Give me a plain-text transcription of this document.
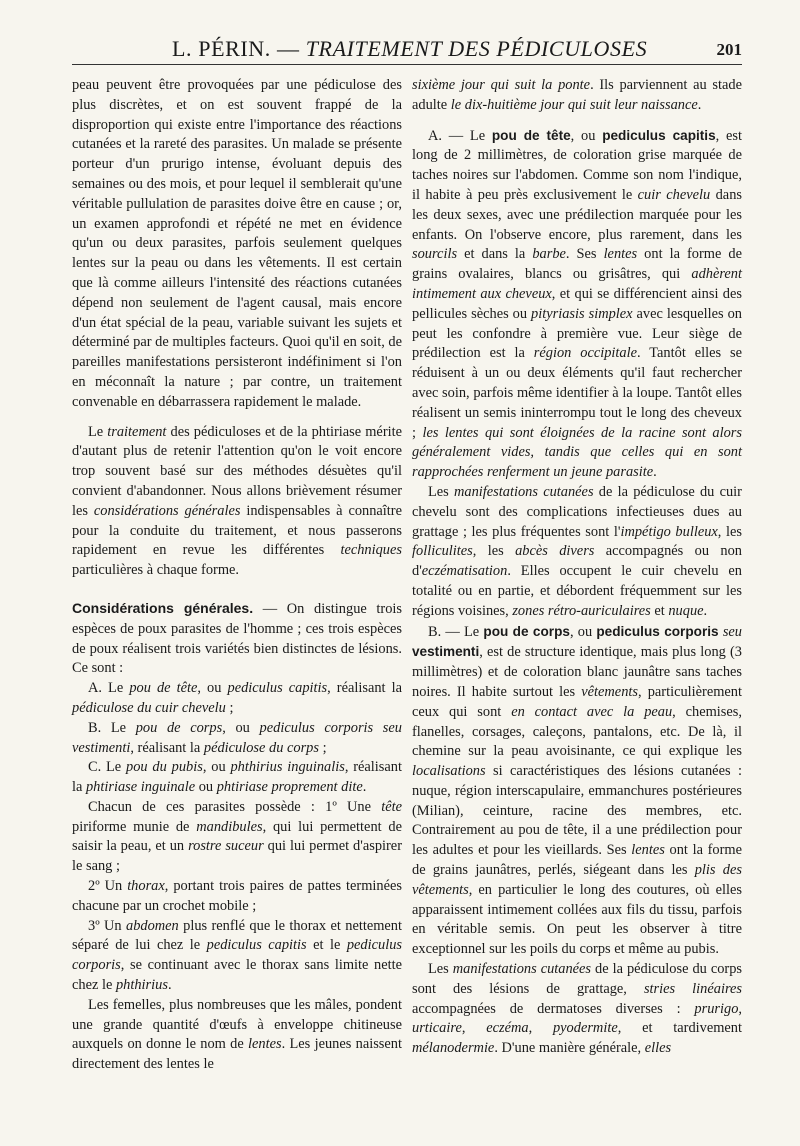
L. PÉRIN. — TRAITEMENT DES PÉDICULOSES	201

peau peuvent être provoquées par une pédiculose des plus discrètes, et on est souvent frappé de la disproportion qui existe entre l'importance des réactions cutanées et la rareté des parasites. Un malade se présente porteur d'un prurigo intense, évoluant depuis des semaines ou des mois, et pour lequel il semblerait qu'une véritable pullulation de parasites doive être en cause ; or, un examen approfondi et répété ne met en évidence qu'un ou deux parasites, parfois seulement quelques lentes sur la peau ou dans les vêtements. Il est certain que là comme ailleurs l'intensité des réactions cutanées dépend non seulement de l'agent causal, mais encore d'un état spécial de la peau, variable suivant les sujets et déterminé par de multiples facteurs. Quoi qu'il en soit, de pareilles manifestations persisteront indéfiniment si l'on en méconnaît la nature ; par contre, un traitement convenable en débarrassera rapidement le malade.

Le traitement des pédiculoses et de la phtiriase mérite d'autant plus de retenir l'attention qu'on le voit encore trop souvent basé sur des méthodes désuètes qu'il convient d'abandonner. Nous allons brièvement résumer les considérations générales indispensables à connaître pour la conduite du traitement, et nous passerons rapidement en revue les différentes techniques particulières à chaque forme.

Considérations générales. — On distingue trois espèces de poux parasites de l'homme ; ces trois espèces de poux réalisent trois variétés bien distinctes de lésions. Ce sont :

A. Le pou de tête, ou pediculus capitis, réalisant la pédiculose du cuir chevelu ;

B. Le pou de corps, ou pediculus corporis seu vestimenti, réalisant la pédiculose du corps ;

C. Le pou du pubis, ou phthirius inguinalis, réalisant la phtiriase inguinale ou phtiriase proprement dite.

Chacun de ces parasites possède : 1º Une tête piriforme munie de mandibules, qui lui permettent de saisir la peau, et un rostre suceur qui lui permet d'aspirer le sang ;

2º Un thorax, portant trois paires de pattes terminées chacune par un crochet mobile ;

3º Un abdomen plus renflé que le thorax et nettement séparé de lui chez le pediculus capitis et le pediculus corporis, se continuant avec le thorax sans limite nette chez le phthirius.

Les femelles, plus nombreuses que les mâles, pondent une grande quantité d'œufs à enveloppe chitineuse auxquels on donne le nom de lentes. Les jeunes naissent directement des lentes le

sixième jour qui suit la ponte. Ils parviennent au stade adulte le dix-huitième jour qui suit leur naissance.

A. — Le pou de tête, ou pediculus capitis, est long de 2 millimètres, de coloration grise marquée de taches noires sur l'abdomen. Comme son nom l'indique, il habite à peu près exclusivement le cuir chevelu dans les deux sexes, avec une prédilection marquée pour les enfants. On l'observe encore, plus rarement, dans les sourcils et dans la barbe. Ses lentes ont la forme de grains ovalaires, blancs ou grisâtres, qui adhèrent intimement aux cheveux, et qui se différencient ainsi des pellicules sèches ou pityriasis simplex avec lesquelles on peut les confondre à première vue. Leur siège de prédilection est la région occipitale. Tantôt elles se réduisent à un ou deux éléments qu'il faut rechercher avec soin, parfois même identifier à la loupe. Tantôt elles réalisent un semis ininterrompu tout le long des cheveux ; les lentes qui sont éloignées de la racine sont alors généralement vides, tandis que celles qui en sont rapprochées renferment un jeune parasite.

Les manifestations cutanées de la pédiculose du cuir chevelu sont des complications infectieuses dues au grattage ; les plus fréquentes sont l'impétigo bulleux, les folliculites, les abcès divers accompagnés ou non d'eczématisation. Elles occupent le cuir chevelu en totalité ou en partie, et débordent fréquemment sur les régions voisines, zones rétro-auriculaires et nuque.

B. — Le pou de corps, ou pediculus corporis seu vestimenti, est de structure identique, mais plus long (3 millimètres) et de coloration blanc jaunâtre sans taches noires. Il habite surtout les vêtements, particulièrement ceux qui sont en contact avec la peau, chemises, flanelles, corsages, caleçons, pantalons, etc. De là, il chemine sur la peau avoisinante, ce qui explique les localisations si caractéristiques des lésions cutanées : nuque, région interscapulaire, emmanchures postérieures (Milian), ceinture, racine des membres, etc. Contrairement au pou de tête, il a une prédilection pour les adultes et pour les vieillards. Ses lentes ont la forme de grains jaunâtres, perlés, siégeant dans les plis des vêtements, en particulier le long des coutures, où elles apparaissent intimement collées aux fils du tissu, parfois en véritable semis. On peut les observer à titre exceptionnel sur les poils du corps et même au pubis.

Les manifestations cutanées de la pédiculose du corps sont des lésions de grattage, stries linéaires accompagnées de dermatoses diverses : prurigo, urticaire, eczéma, pyodermite, et tardivement mélanodermie. D'une manière générale, elles
